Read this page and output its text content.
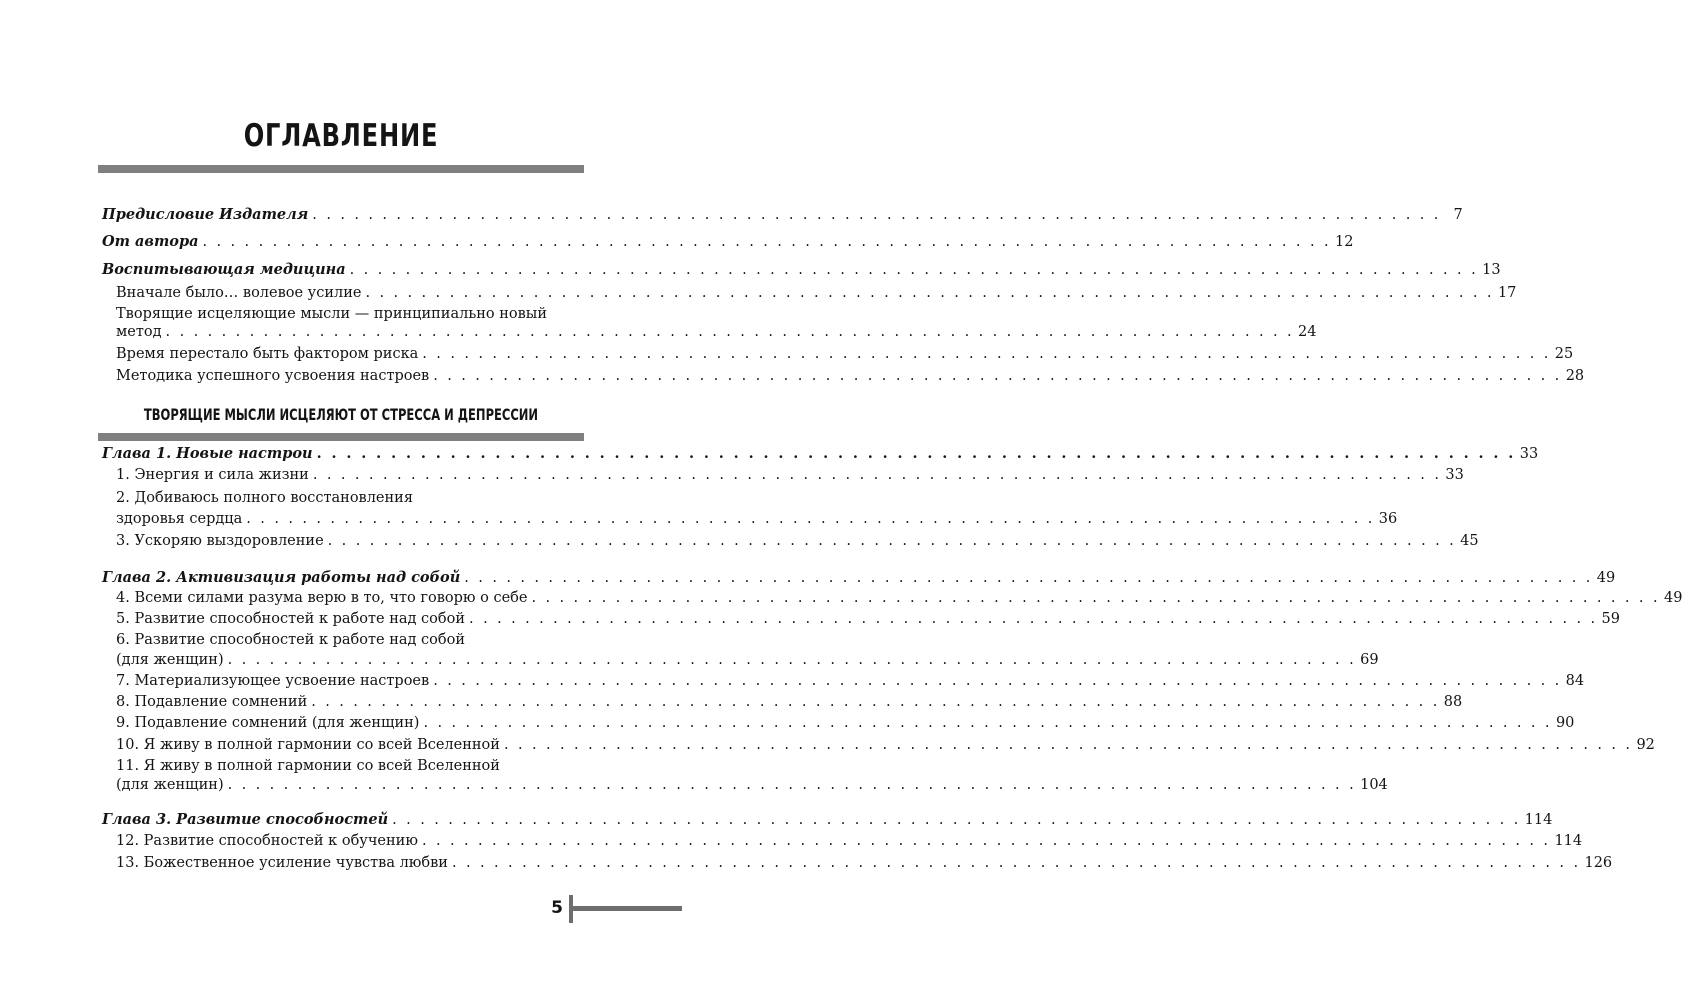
ОГЛАВЛЕНИЕ
Предисловие Издателя . . . . . . . . . . . . . . . . . . . . . . . . . . . . . . . . . . . . . . . . . . . . . . . . . . . . . . . . . . . . . . . . . . . . . . . . . . . . . . . . . 7
От автора . . . . . . . . . . . . . . . . . . . . . . . . . . . . . . . . . . . . . . . . . . . . . . . . . . . . . . . . . . . . . . . . . . . . . . . . . . . . . . . . . 12
Воспитывающая медицина . . . . . . . . . . . . . . . . . . . . . . . . . . . . . . . . . . . . . . . . . . . . . . . . . . . . . . . . . . . . . . . . . . . . . . . . . . . . . . . . . 13
Вначале было… волевое усилие . . . . . . . . . . . . . . . . . . . . . . . . . . . . . . . . . . . . . . . . . . . . . . . . . . . . . . . . . . . . . . . . . . . . . . . . . . . . . . . . . 17
Творящие исцеляющие мысли — принципиально новый
метод . . . . . . . . . . . . . . . . . . . . . . . . . . . . . . . . . . . . . . . . . . . . . . . . . . . . . . . . . . . . . . . . . . . . . . . . . . . . . . . . . 24
Время перестало быть фактором риска . . . . . . . . . . . . . . . . . . . . . . . . . . . . . . . . . . . . . . . . . . . . . . . . . . . . . . . . . . . . . . . . . . . . . . . . . . . . . . . . . 25
Методика успешного усвоения настроев . . . . . . . . . . . . . . . . . . . . . . . . . . . . . . . . . . . . . . . . . . . . . . . . . . . . . . . . . . . . . . . . . . . . . . . . . . . . . . . . . 28
ТВОРЯЩИЕ МЫСЛИ ИСЦЕЛЯЮТ ОТ СТРЕССА И ДЕПРЕССИИ
Глава 1. Новые настрои . . . . . . . . . . . . . . . . . . . . . . . . . . . . . . . . . . . . . . . . . . . . . . . . . . . . . . . . . . . . . . . . . . . . . . . . . . . . . . . . . 33
1. Энергия и сила жизни . . . . . . . . . . . . . . . . . . . . . . . . . . . . . . . . . . . . . . . . . . . . . . . . . . . . . . . . . . . . . . . . . . . . . . . . . . . . . . . . . 33
2. Добиваюсь полного восстановления
здоровья сердца . . . . . . . . . . . . . . . . . . . . . . . . . . . . . . . . . . . . . . . . . . . . . . . . . . . . . . . . . . . . . . . . . . . . . . . . . . . . . . . . . 36
3. Ускоряю выздоровление . . . . . . . . . . . . . . . . . . . . . . . . . . . . . . . . . . . . . . . . . . . . . . . . . . . . . . . . . . . . . . . . . . . . . . . . . . . . . . . . . 45
Глава 2. Активизация работы над собой . . . . . . . . . . . . . . . . . . . . . . . . . . . . . . . . . . . . . . . . . . . . . . . . . . . . . . . . . . . . . . . . . . . . . . . . . . . . . . . . . 49
4. Всеми силами разума верю в то, что говорю о себе . . . . . . . . . . . . . . . . . . . . . . . . . . . . . . . . . . . . . . . . . . . . . . . . . . . . . . . . . . . . . . . . . . . . . . . . . . . . . . . . . 49
5. Развитие способностей к работе над собой . . . . . . . . . . . . . . . . . . . . . . . . . . . . . . . . . . . . . . . . . . . . . . . . . . . . . . . . . . . . . . . . . . . . . . . . . . . . . . . . . 59
6. Развитие способностей к работе над собой
(для женщин) . . . . . . . . . . . . . . . . . . . . . . . . . . . . . . . . . . . . . . . . . . . . . . . . . . . . . . . . . . . . . . . . . . . . . . . . . . . . . . . . . 69
7. Материализующее усвоение настроев . . . . . . . . . . . . . . . . . . . . . . . . . . . . . . . . . . . . . . . . . . . . . . . . . . . . . . . . . . . . . . . . . . . . . . . . . . . . . . . . . 84
8. Подавление сомнений . . . . . . . . . . . . . . . . . . . . . . . . . . . . . . . . . . . . . . . . . . . . . . . . . . . . . . . . . . . . . . . . . . . . . . . . . . . . . . . . . 88
9. Подавление сомнений (для женщин) . . . . . . . . . . . . . . . . . . . . . . . . . . . . . . . . . . . . . . . . . . . . . . . . . . . . . . . . . . . . . . . . . . . . . . . . . . . . . . . . . 90
10. Я живу в полной гармонии со всей Вселенной . . . . . . . . . . . . . . . . . . . . . . . . . . . . . . . . . . . . . . . . . . . . . . . . . . . . . . . . . . . . . . . . . . . . . . . . . . . . . . . . . 92
11. Я живу в полной гармонии со всей Вселенной
(для женщин) . . . . . . . . . . . . . . . . . . . . . . . . . . . . . . . . . . . . . . . . . . . . . . . . . . . . . . . . . . . . . . . . . . . . . . . . . . . . . . . . . 104
Глава 3. Развитие способностей . . . . . . . . . . . . . . . . . . . . . . . . . . . . . . . . . . . . . . . . . . . . . . . . . . . . . . . . . . . . . . . . . . . . . . . . . . . . . . . . . 114
12. Развитие способностей к обучению . . . . . . . . . . . . . . . . . . . . . . . . . . . . . . . . . . . . . . . . . . . . . . . . . . . . . . . . . . . . . . . . . . . . . . . . . . . . . . . . . 114
13. Божественное усиление чувства любви . . . . . . . . . . . . . . . . . . . . . . . . . . . . . . . . . . . . . . . . . . . . . . . . . . . . . . . . . . . . . . . . . . . . . . . . . . . . . . . . . 126
5
